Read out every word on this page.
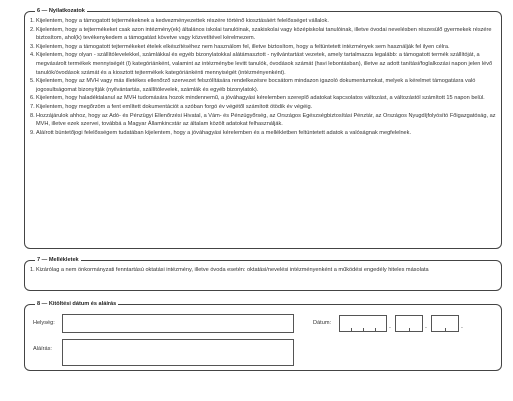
6 — Nyilatkozatok
1. Kijelentem, hogy a támogatott tejtermékeknek a kedvezményezettek részére történő kiosztásáért felelősséget vállalok.
2. Kijelentem, hogy a tejtermékeket csak azon intézmény(ek) általános iskolai tanulóinak, szakiskolai vagy középiskolai tanulóinak, illetve óvodai nevelésben részesülő gyermekek részére biztosítom, ahol(k) tevékenykedem a támogatást követve vagy közvetítével kérelmezem.
3. Kijelentem, hogy a támogatott tejtermékeket ételek elkészítéséhez nem használom fel, illetve biztosítom, hogy a feltüntetett intézmények sem használják fel ilyen célra.
4. Kijelentem, hogy olyan - szállítólevelekkel, számlákkal és egyéb bizonylatokkal alátámasztott - nyilvántartást vezetek, amely tartalmazza legalább: a támogatott termék szállítóját, a megvásárolt termékek mennyiségét (l) kategóriánként, valamint az intézménybe levitt tanulók, óvodások számát (havi lebontásban), illetve az adott tanítási/foglalkozási napon jelen lévő tanulók/óvodások számát és a kiosztott tejtermékek kategóriánkénti mennyiségét (intézményenként).
5. Kijelentem, hogy az MVH vagy más illetékes ellenőrző szervezet felszólítására rendelkezésre bocsátom mindazon igazoló dokumentumokat, melyek a kérelmet támogatásra való jogosultságomat bizonyítják (nyilvántartás, szállítólevelek, számlák és egyéb bizonylatok).
6. Kijelentem, hogy haladéktalanul az MVH tudomására hozok mindennemű, a jóváhagyási kérelemben szereplő adatokat kapcsolatos változást, a változástól számított 15 napon belül.
7. Kijelentem, hogy megőrzöm a fent említett dokumentációt a szóban forgó év végétől számított ötödik év végéig.
8. Hozzájárulok ahhoz, hogy az Adó- és Pénzügyi Ellenőrzési Hivatal, a Vám- és Pénzügyőrség, az Országos Egészségbiztosítási Pénztár, az Országos Nyugdíjfolyósító Főigazgatóság, az MVH, illetve ezek szervei, továbbá a Magyar Államkincstár az általam közölt adatokat felhasználják.
9. Aláírott büntetőjogi felelősségem tudatában kijelentem, hogy a jóváhagyási kérelemben és a mellékletben feltüntetett adatok a valóságnak megfelelnek.
7 — Mellékletek
1. Kizárólag a nem önkormányzati fenntartású oktatási intézmény, illetve óvoda esetén: oktatási/nevelési intézményenként a működési engedély hiteles másolata
8 — Kitöltési dátum és aláírás
Helység:	Dátum:	.	.	.
Aláírás:
